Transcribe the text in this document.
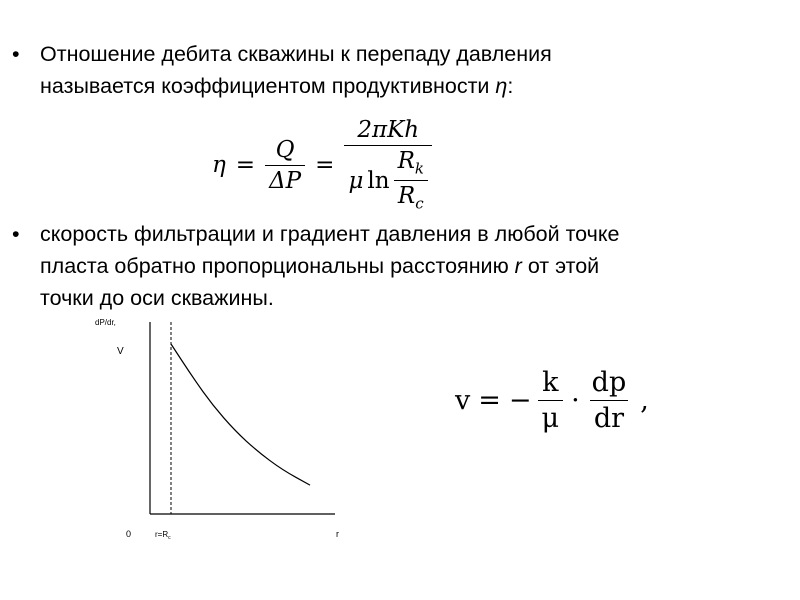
• Отношение дебита скважины к перепаду давления
называется коэффициентом продуктивности η:
$\eta = \frac{Q}{\Delta P} = \frac{\text{2πKh}}{\mu \ln \frac{R_k}{R_c}}$
• скорость фильтрации и градиент давления в любой точке
пласта обратно пропорциональны расстоянию r от этой
точки до оси скважины.
dP/dr,
V
0	$r=R_c$	r
v = − $\frac{k}{\mu} \cdot \frac{dp}{dr}$ ,
